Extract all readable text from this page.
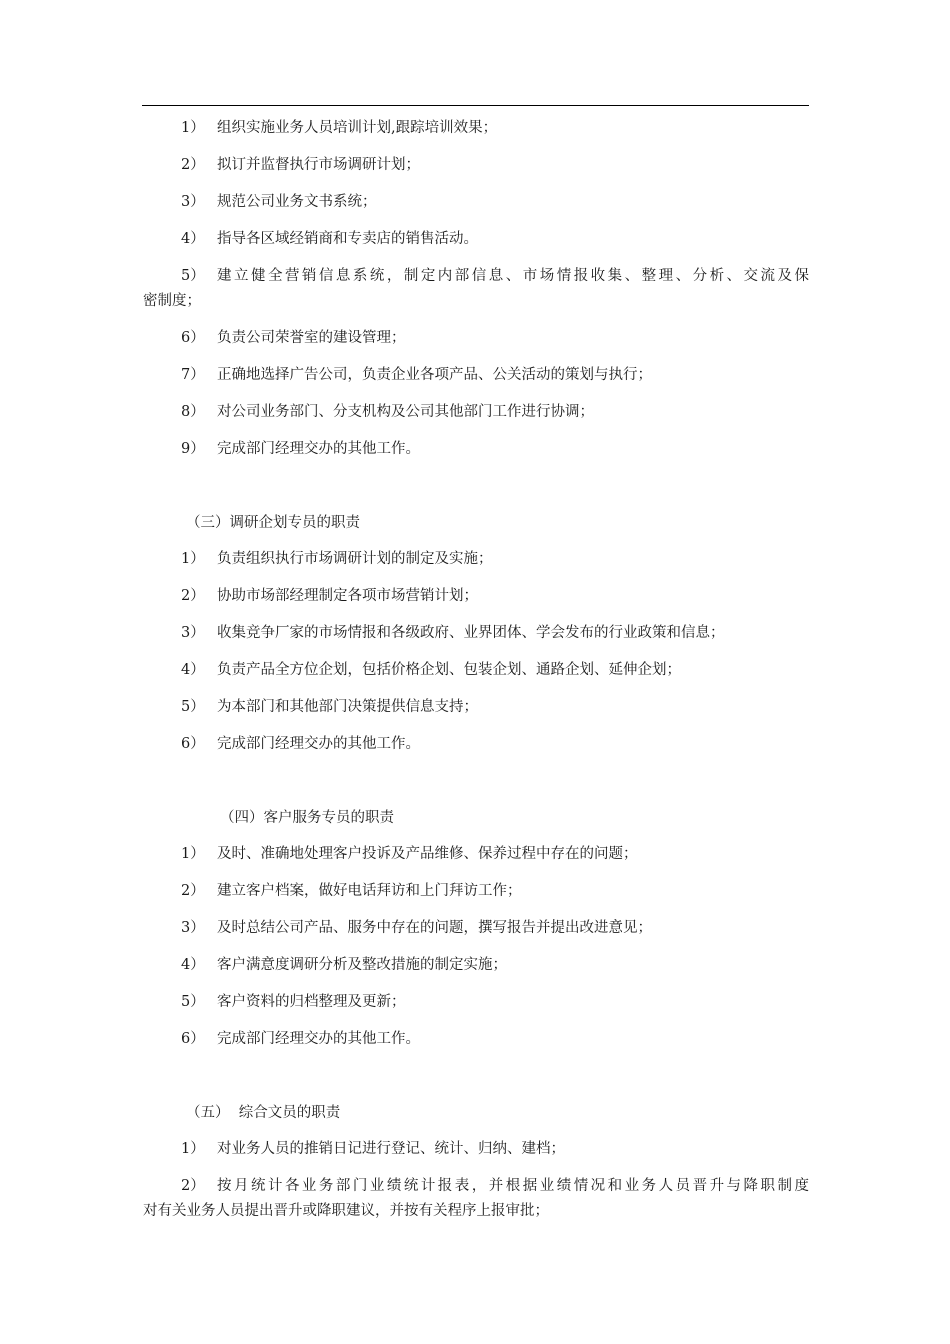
1） 组织实施业务人员培训计划,跟踪培训效果；
2） 拟订并监督执行市场调研计划；
3） 规范公司业务文书系统；
4） 指导各区域经销商和专卖店的销售活动。
5） 建立健全营销信息系统，制定内部信息、市场情报收集、整理、分析、交流及保
密制度；
6） 负责公司荣誉室的建设管理；
7） 正确地选择广告公司，负责企业各项产品、公关活动的策划与执行；
8） 对公司业务部门、分支机构及公司其他部门工作进行协调；
9） 完成部门经理交办的其他工作。
（三）调研企划专员的职责
1） 负责组织执行市场调研计划的制定及实施；
2） 协助市场部经理制定各项市场营销计划；
3） 收集竞争厂家的市场情报和各级政府、业界团体、学会发布的行业政策和信息；
4） 负责产品全方位企划，包括价格企划、包装企划、通路企划、延伸企划；
5） 为本部门和其他部门决策提供信息支持；
6） 完成部门经理交办的其他工作。
（四）客户服务专员的职责
1） 及时、准确地处理客户投诉及产品维修、保养过程中存在的问题；
2） 建立客户档案，做好电话拜访和上门拜访工作；
3） 及时总结公司产品、服务中存在的问题，撰写报告并提出改进意见；
4） 客户满意度调研分析及整改措施的制定实施；
5） 客户资料的归档整理及更新；
6） 完成部门经理交办的其他工作。
（五）  综合文员的职责
1） 对业务人员的推销日记进行登记、统计、归纳、建档；
2） 按月统计各业务部门业绩统计报表，并根据业绩情况和业务人员晋升与降职制度
对有关业务人员提出晋升或降职建议，并按有关程序上报审批；
